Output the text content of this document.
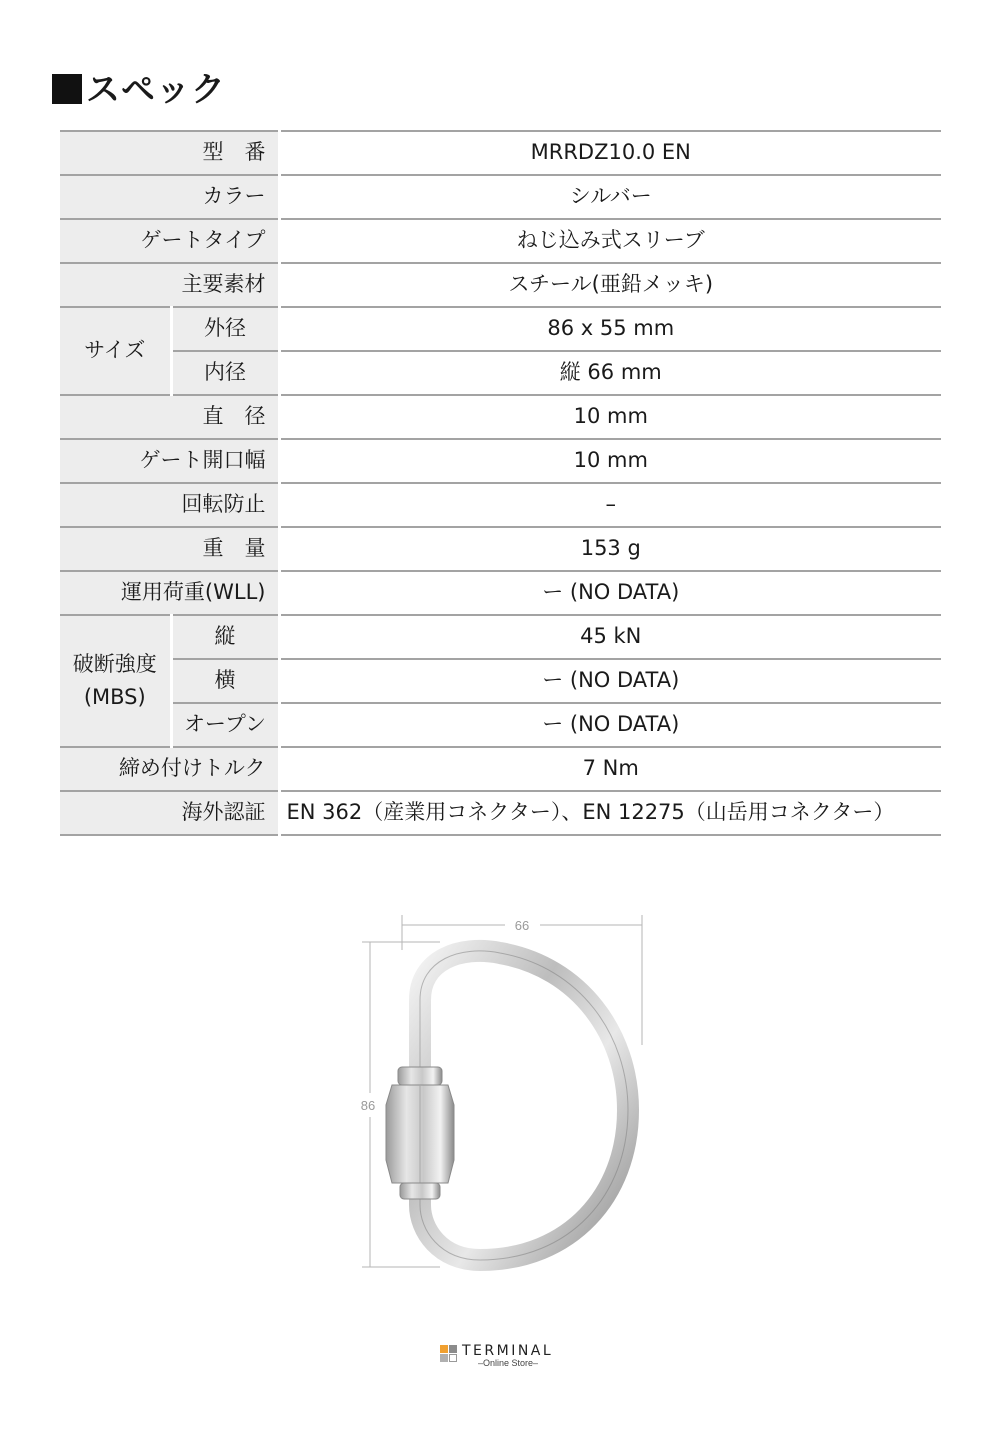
スペック
型　番		MRRDZ10.0 EN
カラー		シルバー
ゲートタイプ		ねじ込み式スリーブ
主要素材		スチール(亜鉛メッキ)
サイズ	外径	86 x 55 mm
	内径	縦 66 mm
直　径		10 mm
ゲート開口幅		10 mm
回転防止		–
重　量		153 g
運用荷重(WLL)		ー (NO DATA)

破断強度
(MBS)	縦	45 kN
	横	ー (NO DATA)
	オープン	ー (NO DATA)
締め付けトルク		7 Nm
海外認証		EN 362（産業用コネクター）、EN 12275（山岳用コネクター）
66
86
TERMINAL
–Online Store–
